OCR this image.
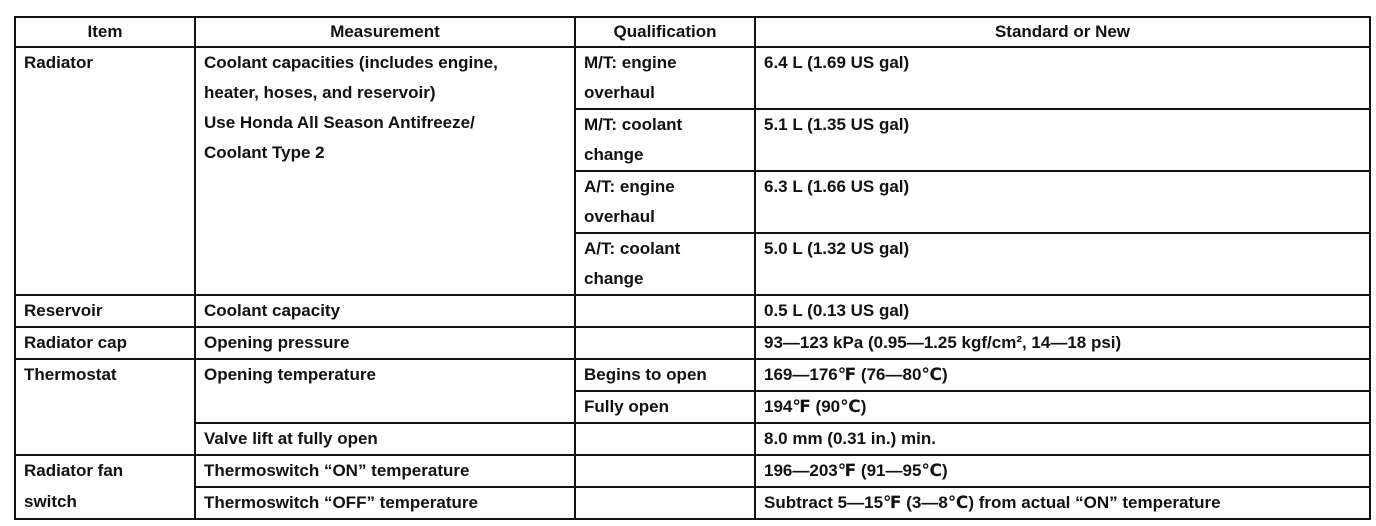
Item	Measurement	Qualification	Standard or New

Radiator	Coolant capacities (includes engine,
heater, hoses, and reservoir)
Use Honda All Season Antifreeze/
Coolant Type 2	M/T: engine
overhaul	6.4 L (1.69 US gal)

		M/T: coolant
change	5.1 L (1.35 US gal)

		A/T: engine
overhaul	6.3 L (1.66 US gal)

		A/T: coolant
change	5.0 L (1.32 US gal)
Reservoir	Coolant capacity		0.5 L (0.13 US gal)
Radiator cap	Opening pressure		93—123 kPa (0.95—1.25 kgf/cm², 14—18 psi)
Thermostat	Opening temperature	Begins to open	169—176℉ (76—80℃)
		Fully open	194℉ (90℃)
	Valve lift at fully open		8.0 mm (0.31 in.) min.
Radiator fan	Thermoswitch “ON” temperature		196—203℉ (91—95℃)
switch	Thermoswitch “OFF” temperature		Subtract 5—15℉ (3—8℃) from actual “ON” temperature
